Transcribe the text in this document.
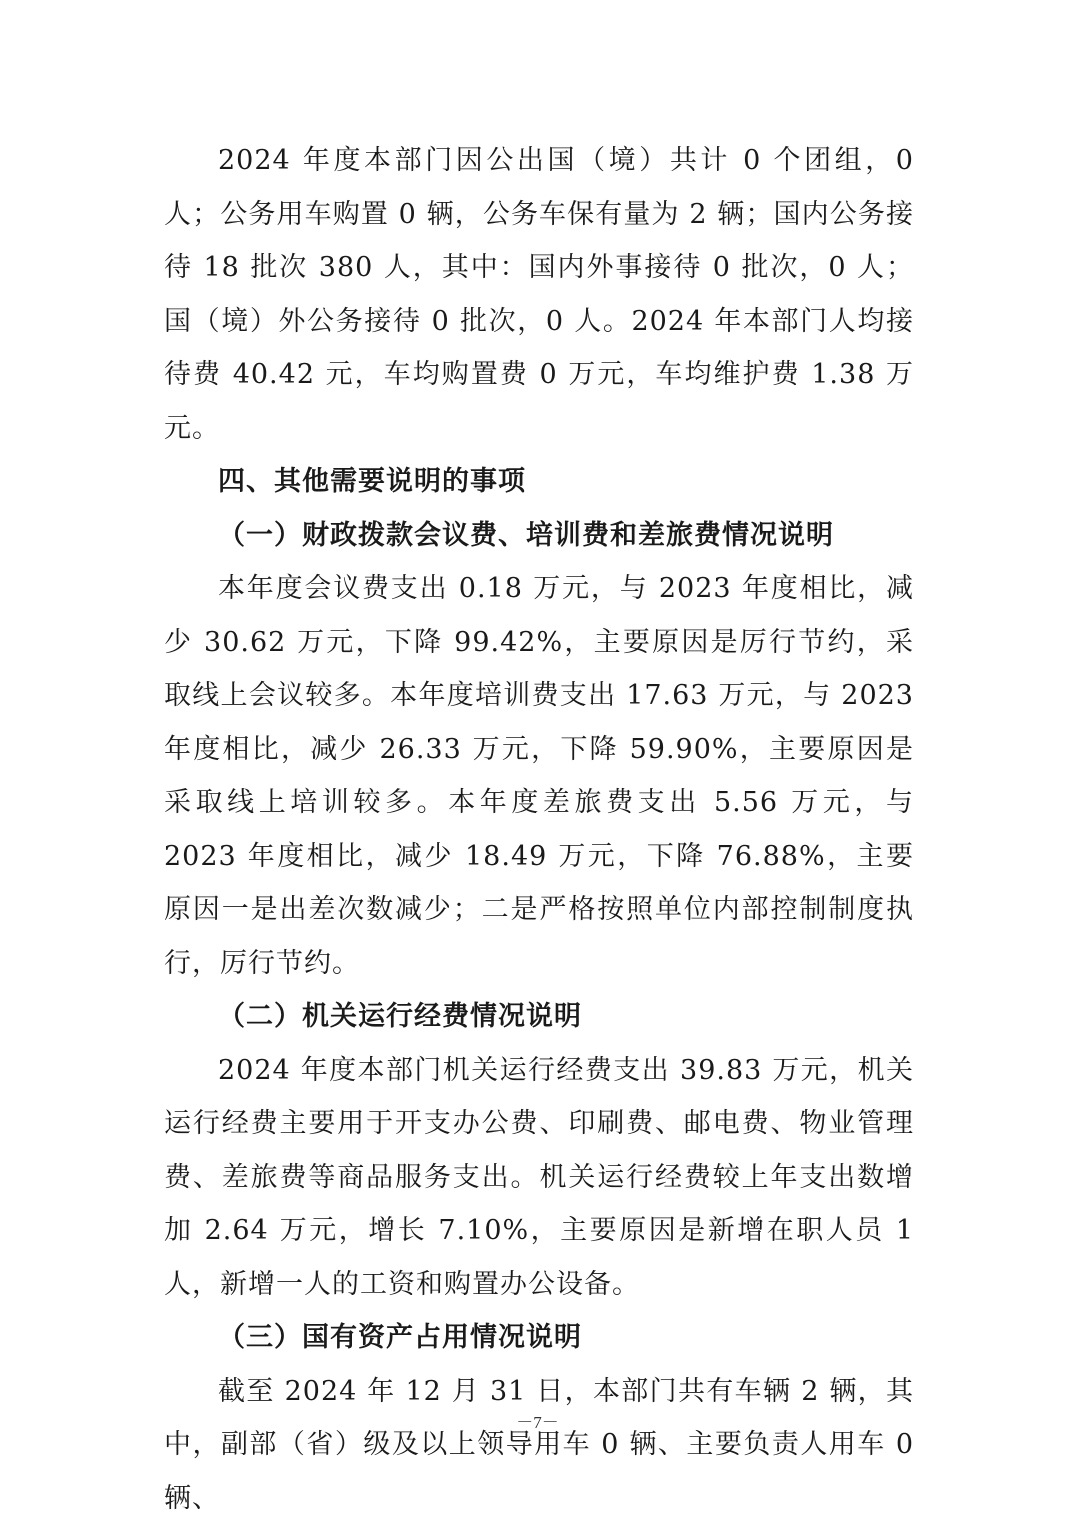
2024 年度本部门因公出国（境）共计 0 个团组，0 人；公务用车购置 0 辆，公务车保有量为 2 辆；国内公务接待 18 批次 380 人，其中：国内外事接待 0 批次，0 人；国（境）外公务接待 0 批次，0 人。2024 年本部门人均接待费 40.42 元，车均购置费 0 万元，车均维护费 1.38 万元。

四、其他需要说明的事项

（一）财政拨款会议费、培训费和差旅费情况说明

本年度会议费支出 0.18 万元，与 2023 年度相比，减少 30.62 万元，下降 99.42%，主要原因是厉行节约，采取线上会议较多。本年度培训费支出 17.63 万元，与 2023 年度相比，减少 26.33 万元，下降 59.90%，主要原因是采取线上培训较多。本年度差旅费支出 5.56 万元，与 2023 年度相比，减少 18.49 万元，下降 76.88%，主要原因一是出差次数减少；二是严格按照单位内部控制制度执行，厉行节约。

（二）机关运行经费情况说明

2024 年度本部门机关运行经费支出 39.83 万元，机关运行经费主要用于开支办公费、印刷费、邮电费、物业管理费、差旅费等商品服务支出。机关运行经费较上年支出数增加 2.64 万元，增长 7.10%，主要原因是新增在职人员 1 人，新增一人的工资和购置办公设备。

（三）国有资产占用情况说明

截至 2024 年 12 月 31 日，本部门共有车辆 2 辆，其中，副部（省）级及以上领导用车 0 辆、主要负责人用车 0 辆、

－7－
